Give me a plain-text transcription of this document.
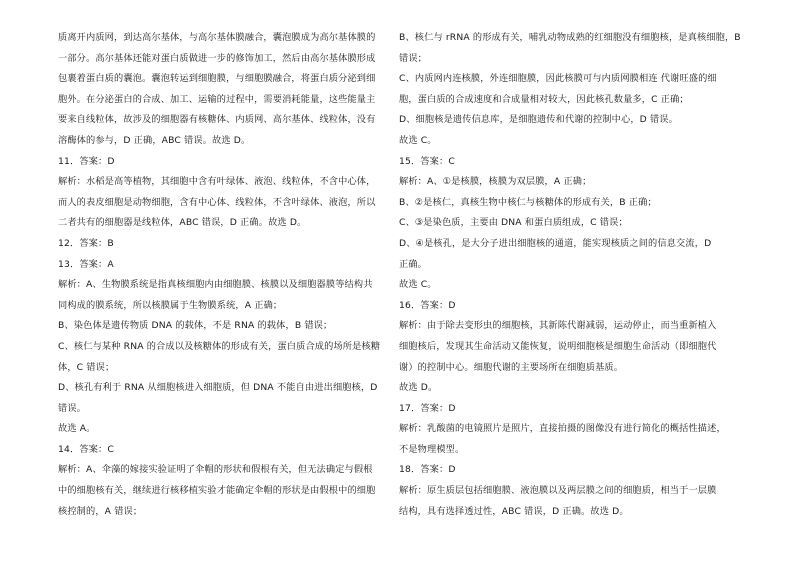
质离开内质网，到达高尔基体，与高尔基体膜融合，囊泡膜成为高尔基体膜的
一部分。高尔基体还能对蛋白质做进一步的修饰加工，然后由高尔基体膜形成
包裹着蛋白质的囊泡。囊泡转运到细胞膜，与细胞膜融合，将蛋白质分泌到细
胞外。在分泌蛋白的合成、加工、运输的过程中，需要消耗能量，这些能量主
要来自线粒体，故涉及的细胞器有核糖体、内质网、高尔基体、线粒体，没有
溶酶体的参与，D 正确，ABC 错误。故选 D。
11．答案：D
解析：水稻是高等植物，其细胞中含有叶绿体、液泡、线粒体，不含中心体，
而人的表皮细胞是动物细胞，含有中心体、线粒体，不含叶绿体、液泡，所以
二者共有的细胞器是线粒体，ABC 错误，D 正确。故选 D。
12．答案：B
13．答案：A
解析：A、生物膜系统是指真核细胞内由细胞膜、核膜以及细胞器膜等结构共
同构成的膜系统，所以核膜属于生物膜系统，A 正确；
B、染色体是遗传物质 DNA 的载体，不是 RNA 的载体，B 错误；
C、核仁与某种 RNA 的合成以及核糖体的形成有关，蛋白质合成的场所是核糖
体，C 错误；
D、核孔有利于 RNA 从细胞核进入细胞质，但 DNA 不能自由进出细胞核，D
错误。
故选 A。
14．答案：C
解析：A、伞藻的嫁接实验证明了伞帽的形状和假根有关，但无法确定与假根
中的细胞核有关，继续进行核移植实验才能确定伞帽的形状是由假根中的细胞
核控制的，A 错误；
B、核仁与 rRNA 的形成有关，哺乳动物成熟的红细胞没有细胞核，是真核细胞，B
错误；
C、内质网内连核膜，外连细胞膜，因此核膜可与内质网膜相连 代谢旺盛的细
胞，蛋白质的合成速度和合成量相对较大，因此核孔数量多，C 正确；
D、细胞核是遗传信息库，是细胞遗传和代谢的控制中心，D 错误。
故选 C。
15．答案：C
解析：A、①是核膜，核膜为双层膜，A 正确；
B、②是核仁，真核生物中核仁与核糖体的形成有关，B 正确；
C、③是染色质，主要由 DNA 和蛋白质组成，C 错误；
D、④是核孔，是大分子进出细胞核的通道，能实现核质之间的信息交流，D
正确。
故选 C。
16．答案：D
解析：由于除去变形虫的细胞核，其新陈代谢减弱，运动停止，而当重新植入
细胞核后，发现其生命活动又能恢复，说明细胞核是细胞生命活动（即细胞代
谢）的控制中心。细胞代谢的主要场所在细胞质基质。
故选 D。
17．答案：D
解析：乳酸菌的电镜照片是照片，直接拍摄的图像没有进行简化的概括性描述，
不是物理模型。
18．答案：D
解析：原生质层包括细胞膜、液泡膜以及两层膜之间的细胞质，相当于一层膜
结构，具有选择透过性，ABC 错误，D 正确。故选 D。
